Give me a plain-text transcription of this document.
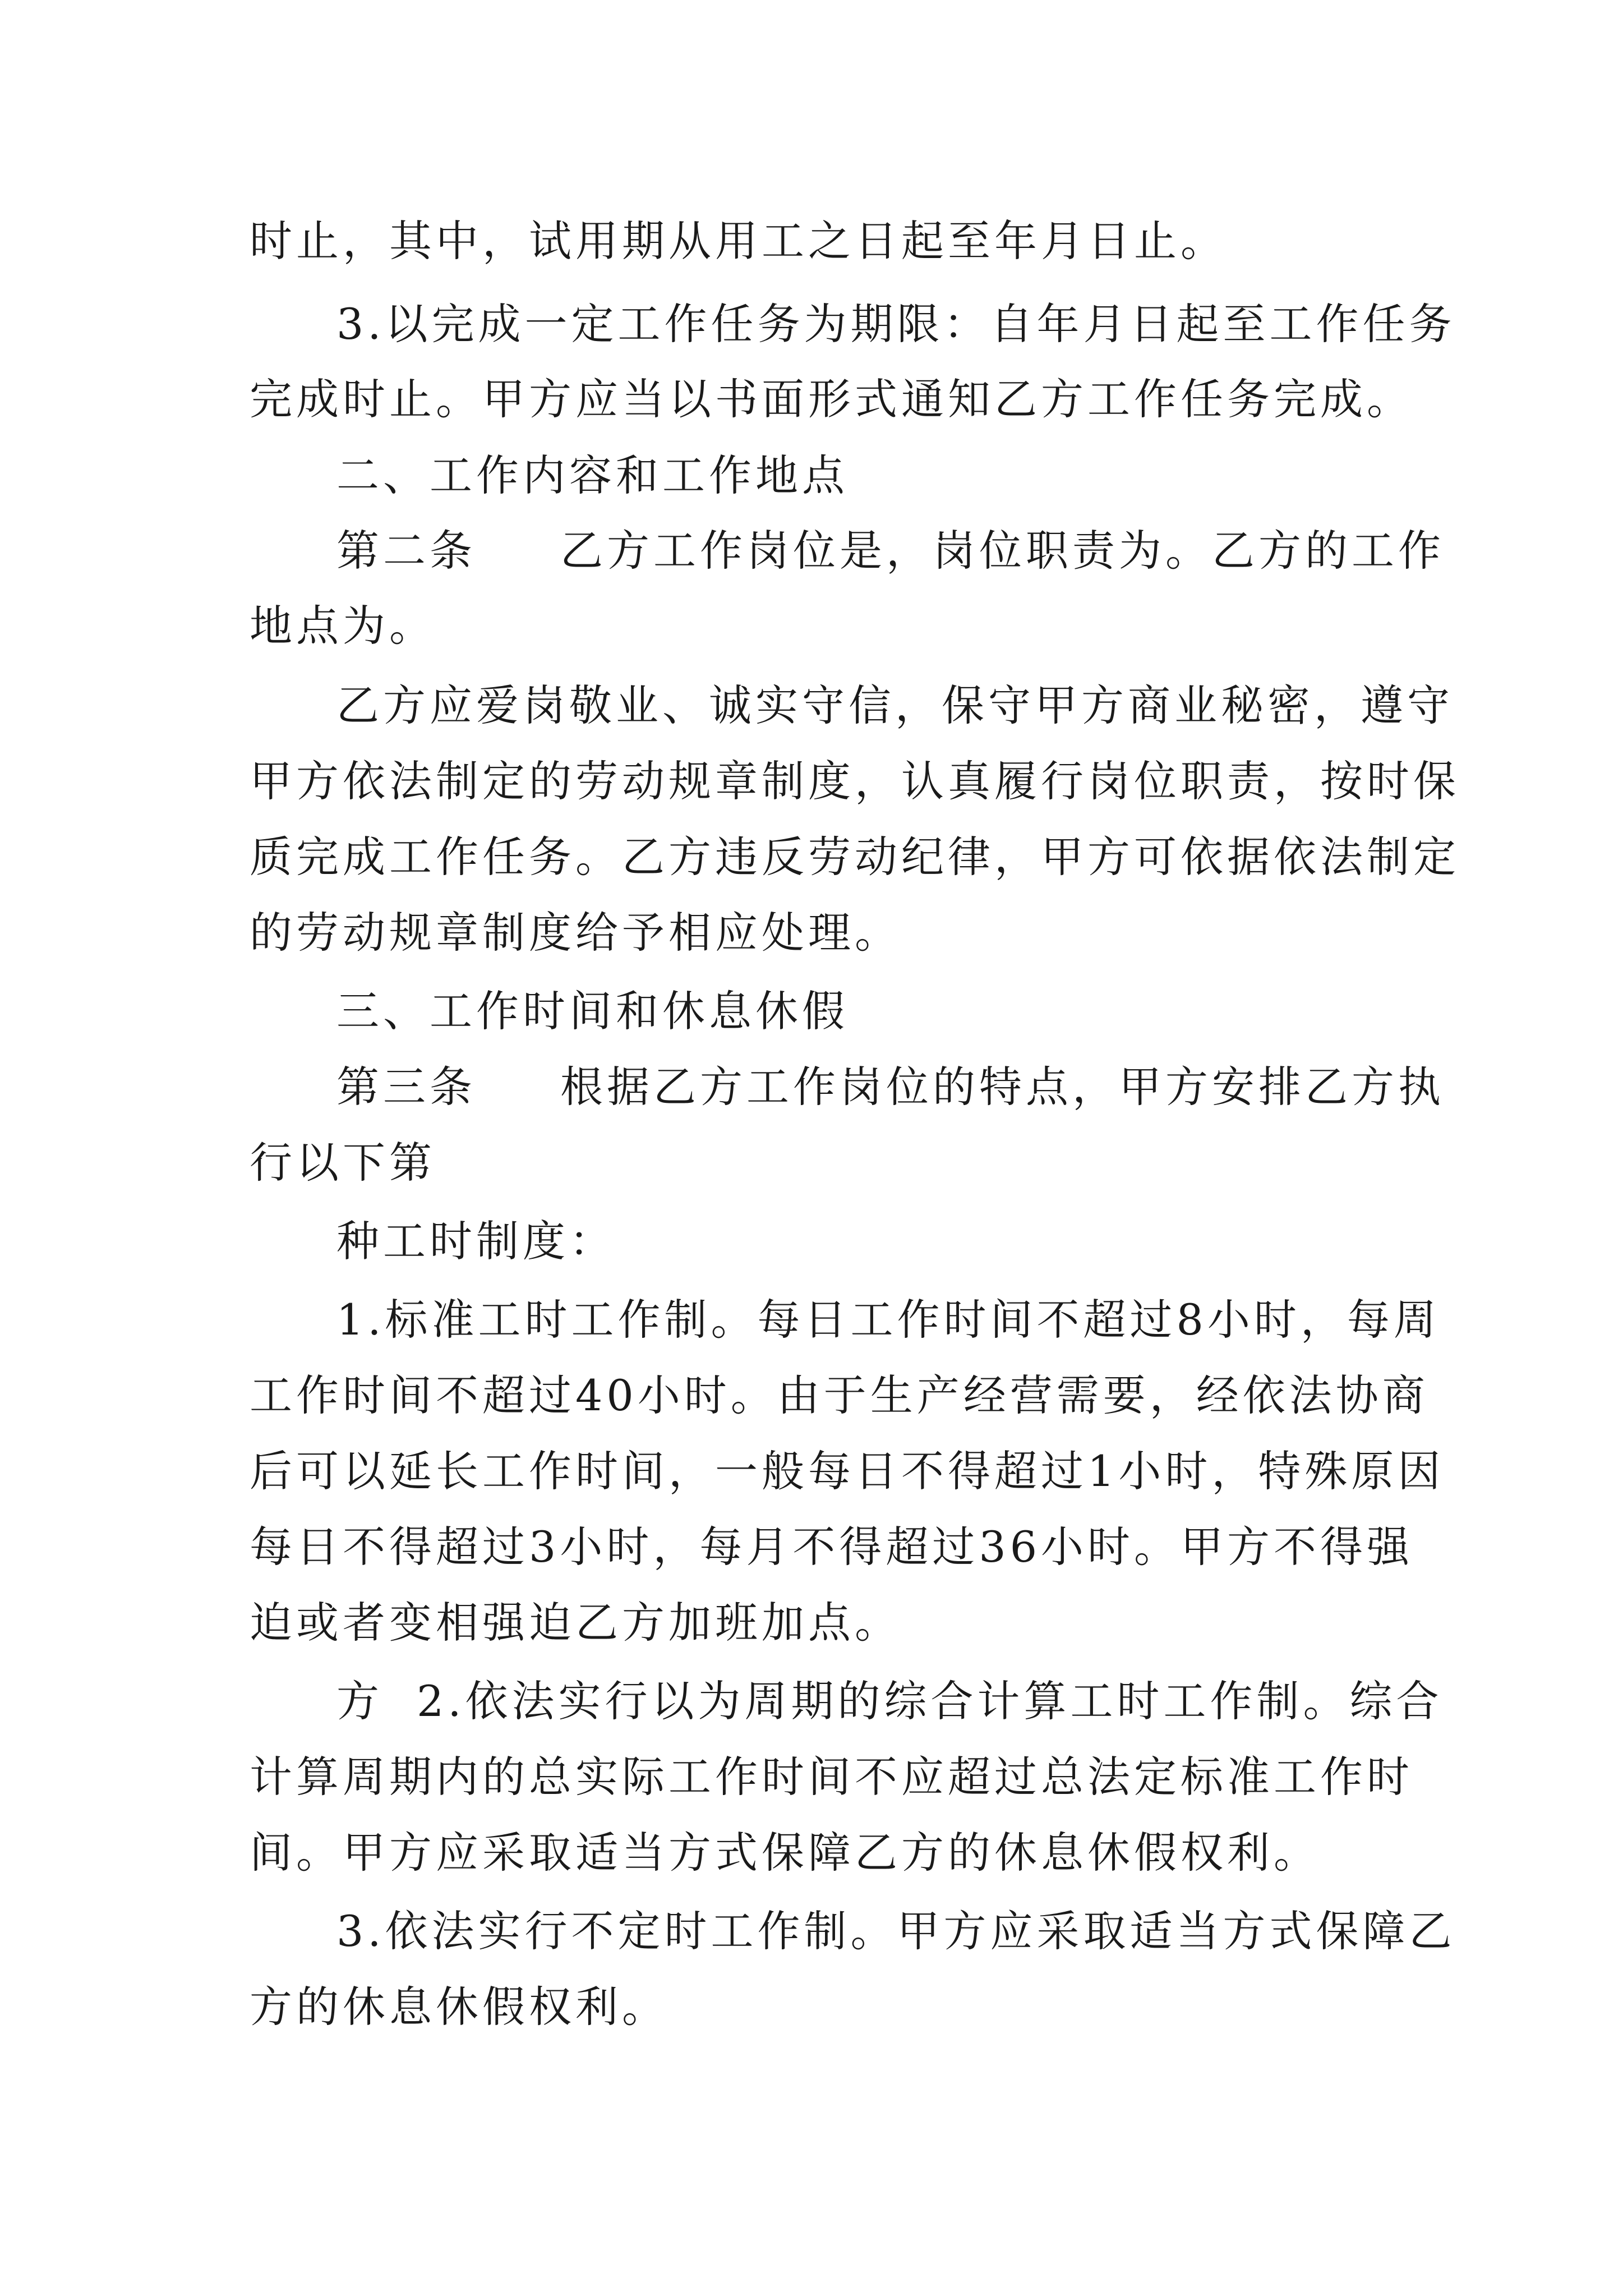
时止，其中，试用期从用工之日起至年月日止。
3.以完成一定工作任务为期限：自年月日起至工作任务
完成时止。甲方应当以书面形式通知乙方工作任务完成。
二、工作内容和工作地点
第二条 乙方工作岗位是，岗位职责为。乙方的工作
地点为。
乙方应爱岗敬业、诚实守信，保守甲方商业秘密，遵守
甲方依法制定的劳动规章制度，认真履行岗位职责，按时保
质完成工作任务。乙方违反劳动纪律，甲方可依据依法制定
的劳动规章制度给予相应处理。
三、工作时间和休息休假
第三条 根据乙方工作岗位的特点，甲方安排乙方执
行以下第
种工时制度：
1.标准工时工作制。每日工作时间不超过8小时，每周
工作时间不超过40小时。由于生产经营需要，经依法协商
后可以延长工作时间，一般每日不得超过1小时，特殊原因
每日不得超过3小时，每月不得超过36小时。甲方不得强
迫或者变相强迫乙方加班加点。
方 2.依法实行以为周期的综合计算工时工作制。综合
计算周期内的总实际工作时间不应超过总法定标准工作时
间。甲方应采取适当方式保障乙方的休息休假权利。
3.依法实行不定时工作制。甲方应采取适当方式保障乙
方的休息休假权利。
